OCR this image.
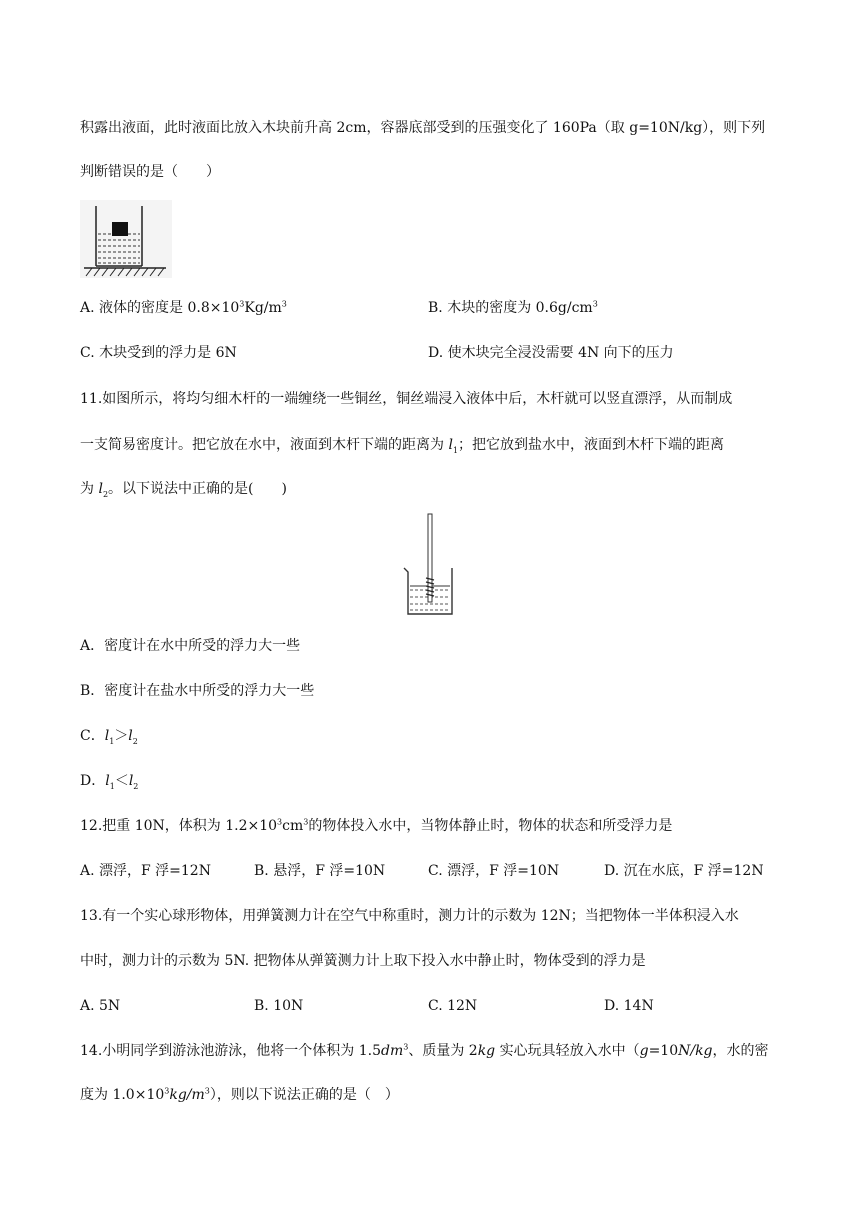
积露出液面，此时液面比放入木块前升高 2cm，容器底部受到的压强变化了 160Pa（取 g=10N/kg），则下列
判断错误的是（　　）
A. 液体的密度是 $0.8\times 10^3Kg/m^3$	B. 木块的密度为 $0.6g/cm^3$
C. 木块受到的浮力是 6N	D. 使木块完全浸没需要 4N 向下的压力
11.如图所示，将均匀细木杆的一端缠绕一些铜丝，铜丝端浸入液体中后，木杆就可以竖直漂浮，从而制成
一支简易密度计。把它放在水中，液面到木杆下端的距离为 $l_1$；把它放到盐水中，液面到木杆下端的距离
为 $l_2$。以下说法中正确的是(　　)
A．密度计在水中所受的浮力大一些
B．密度计在盐水中所受的浮力大一些
C．$l_1>l_2$
D．$l_1<l_2$
12.把重 10N，体积为 $1.2\times 10^3cm^3$的物体投入水中，当物体静止时，物体的状态和所受浮力是
A. 漂浮，F 浮=12N	B. 悬浮，F 浮=10N	C. 漂浮，F 浮=10N	D. 沉在水底，F 浮=12N
13.有一个实心球形物体，用弹簧测力计在空气中称重时，测力计的示数为 12N；当把物体一半体积浸入水
中时，测力计的示数为 5N. 把物体从弹簧测力计上取下投入水中静止时，物体受到的浮力是
A. 5N	B. 10N	C. 12N	D. 14N
14.小明同学到游泳池游泳，他将一个体积为 $1.5dm^3$、质量为 2kg 实心玩具轻放入水中（g=10N/kg，水的密
度为 $1.0\times 10^3kg/m^3$），则以下说法正确的是（　）
